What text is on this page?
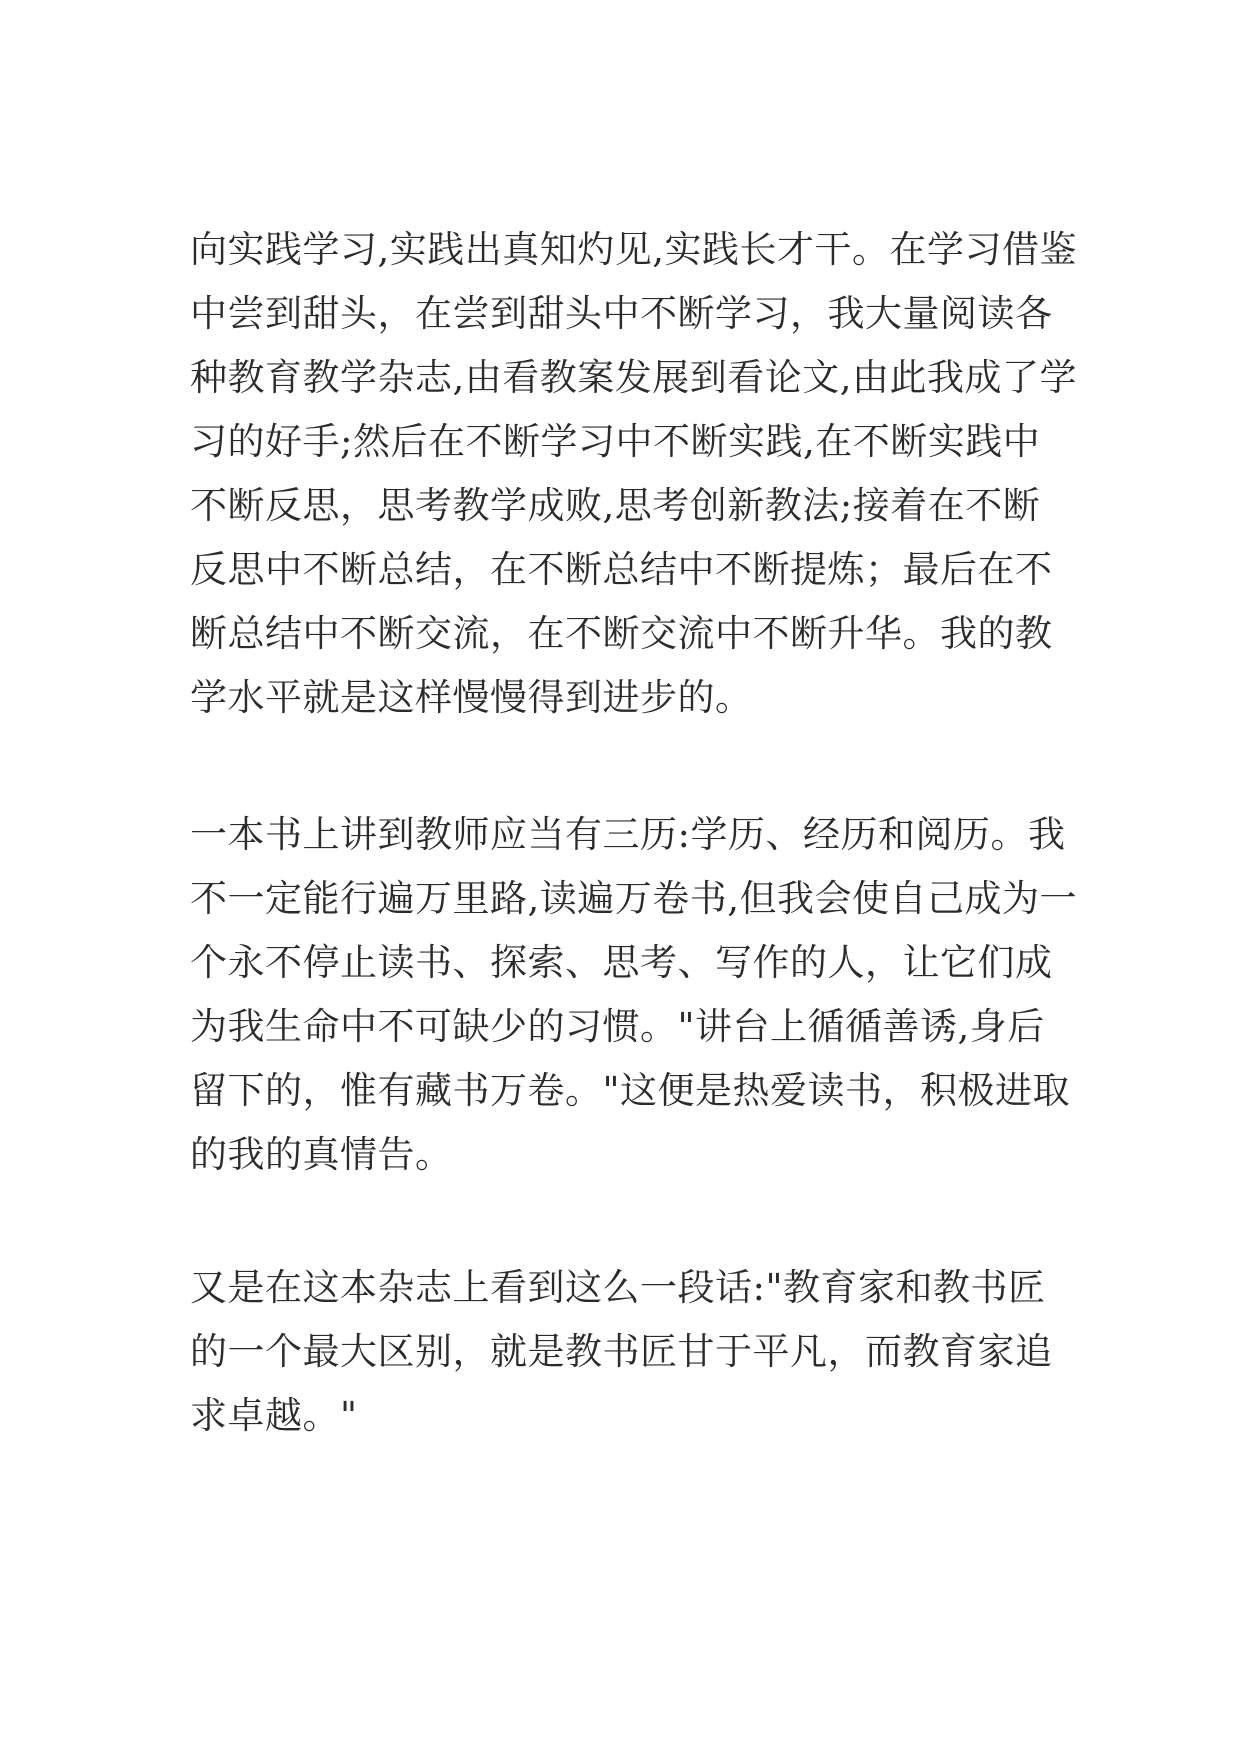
向实践学习,实践出真知灼见,实践长才干。在学习借鉴
中尝到甜头，在尝到甜头中不断学习，我大量阅读各
种教育教学杂志,由看教案发展到看论文,由此我成了学
习的好手;然后在不断学习中不断实践,在不断实践中
不断反思，思考教学成败,思考创新教法;接着在不断
反思中不断总结，在不断总结中不断提炼；最后在不
断总结中不断交流，在不断交流中不断升华。我的教
学水平就是这样慢慢得到进步的。
一本书上讲到教师应当有三历:学历、经历和阅历。我
不一定能行遍万里路,读遍万卷书,但我会使自己成为一
个永不停止读书、探索、思考、写作的人，让它们成
为我生命中不可缺少的习惯。"讲台上循循善诱,身后
留下的，惟有藏书万卷。"这便是热爱读书，积极进取
的我的真情告。
又是在这本杂志上看到这么一段话:"教育家和教书匠
的一个最大区别，就是教书匠甘于平凡，而教育家追
求卓越。"
